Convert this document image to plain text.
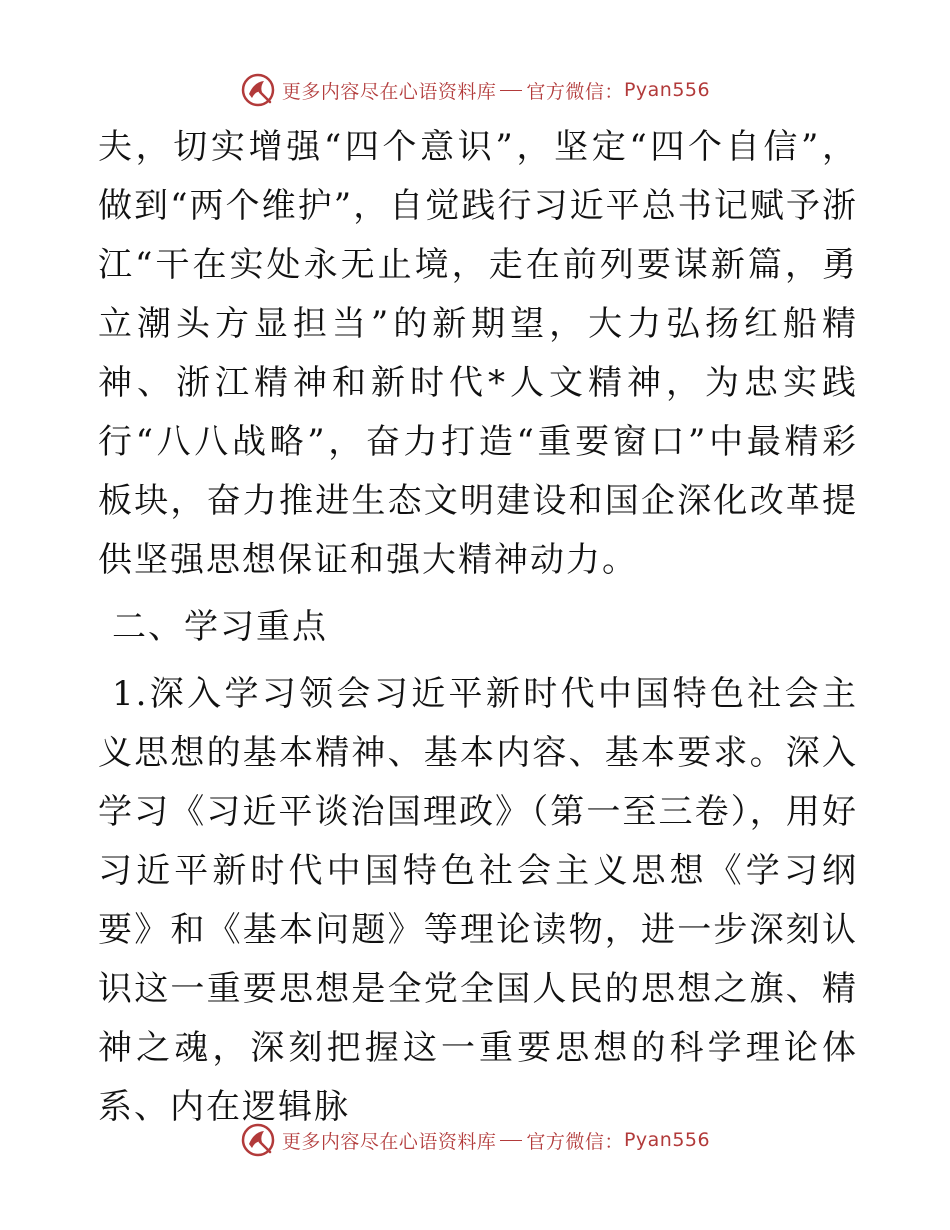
更多内容尽在心语资料库 官方微信： Pyan556

夫，切实增强“四个意识”，坚定“四个自信”，做到“两个维护”，自觉践行习近平总书记赋予浙江“干在实处永无止境，走在前列要谋新篇，勇立潮头方显担当”的新期望，大力弘扬红船精神、浙江精神和新时代*人文精神，为忠实践行“八八战略”，奋力打造“重要窗口”中最精彩板块，奋力推进生态文明建设和国企深化改革提供坚强思想保证和强大精神动力。

二、学习重点

1.深入学习领会习近平新时代中国特色社会主义思想的基本精神、基本内容、基本要求。深入学习《习近平谈治国理政》（第一至三卷），用好习近平新时代中国特色社会主义思想《学习纲要》和《基本问题》等理论读物，进一步深刻认识这一重要思想是全党全国人民的思想之旗、精神之魂，深刻把握这一重要思想的科学理论体系、内在逻辑脉

更多内容尽在心语资料库 官方微信： Pyan556
